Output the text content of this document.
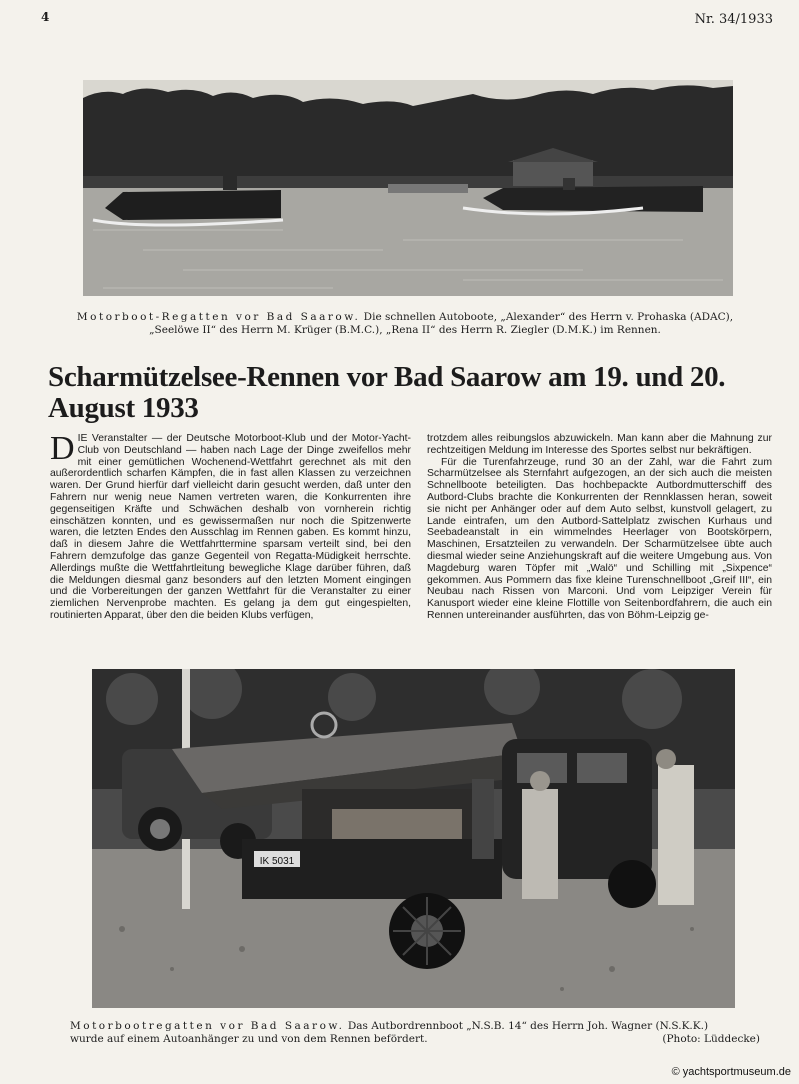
4	Nr. 34/1933
Motorboot-Regatten vor Bad Saarow. Die schnellen Autoboote, „Alexander“ des Herrn v. Prohaska (ADAC),
„Seelöwe II“ des Herrn M. Krüger (B.M.C.), „Rena II“ des Herrn R. Ziegler (D.M.K.) im Rennen.
Scharmützelsee-Rennen vor Bad Saarow am 19. und 20. August 1933

DIE Veranstalter — der Deutsche Motorboot-Klub und der Motor-Yacht-Club von Deutschland — haben nach Lage der Dinge zweifellos mehr mit einer gemütlichen Wochenend-Wettfahrt gerechnet als mit den außerordentlich scharfen Kämpfen, die in fast allen Klassen zu verzeichnen waren. Der Grund hierfür darf vielleicht darin gesucht werden, daß unter den Fahrern nur wenig neue Namen vertreten waren, die Konkurrenten ihre gegenseitigen Kräfte und Schwächen deshalb von vornherein richtig einschätzen konnten, und es gewissermaßen nur noch die Spitzenwerte waren, die letzten Endes den Ausschlag im Rennen gaben. Es kommt hinzu, daß in diesem Jahre die Wettfahrttermine sparsam verteilt sind, bei den Fahrern demzufolge das ganze Gegenteil von Regatta-Müdigkeit herrschte. Allerdings mußte die Wettfahrtleitung bewegliche Klage darüber führen, daß die Meldungen diesmal ganz besonders auf den letzten Moment eingingen und die Vorbereitungen der ganzen Wettfahrt für die Veranstalter zu einer ziemlichen Nervenprobe machten. Es gelang ja dem gut eingespielten, routinierten Apparat, über den die beiden Klubs verfügen,

trotzdem alles reibungslos abzuwickeln. Man kann aber die Mahnung zur rechtzeitigen Meldung im Interesse des Sportes selbst nur bekräftigen.

Für die Turenfahrzeuge, rund 30 an der Zahl, war die Fahrt zum Scharmützelsee als Sternfahrt aufgezogen, an der sich auch die meisten Schnellboote beteiligten. Das hochbepackte Autbordmutterschiff des Autbord-Clubs brachte die Konkurrenten der Rennklassen heran, soweit sie nicht per Anhänger oder auf dem Auto selbst, kunstvoll gelagert, zu Lande eintrafen, um den Autbord-Sattelplatz zwischen Kurhaus und Seebadeanstalt in ein wimmelndes Heerlager von Bootskörpern, Maschinen, Ersatzteilen zu verwandeln. Der Scharmützelsee übte auch diesmal wieder seine Anziehungskraft auf die weitere Umgebung aus. Von Magdeburg waren Töpfer mit „Walö“ und Schilling mit „Sixpence“ gekommen. Aus Pommern das fixe kleine Turenschnellboot „Greif III“, ein Neubau nach Rissen von Marconi. Und vom Leipziger Verein für Kanusport wieder eine kleine Flottille von Seitenbordfahrern, die auch ein Rennen untereinander ausführten, das von Böhm-Leipzig ge-

IK 5031
Motorbootregatten vor Bad Saarow. Das Autbordrennboot „N.S.B. 14“ des Herrn Joh. Wagner (N.S.K.K.)
wurde auf einem Autoanhänger zu und von dem Rennen befördert.	(Photo: Lüddecke)
© yachtsportmuseum.de
